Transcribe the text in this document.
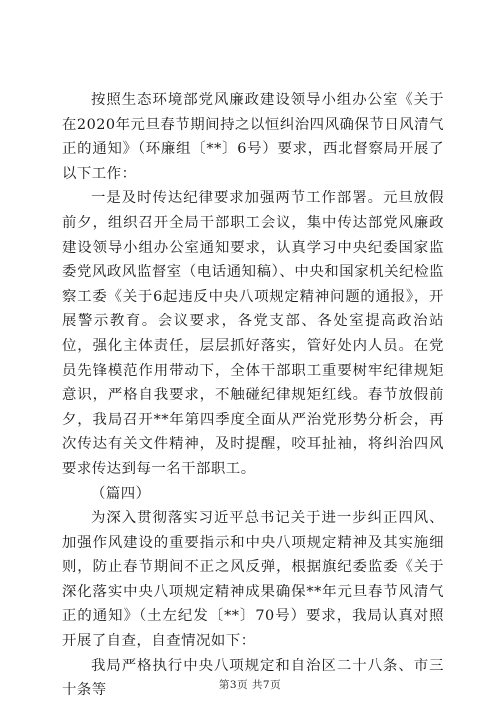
按照生态环境部党风廉政建设领导小组办公室《关于在2020年元旦春节期间持之以恒纠治四风确保节日风清气正的通知》（环廉组〔**〕6号）要求，西北督察局开展了以下工作：

一是及时传达纪律要求加强两节工作部署。元旦放假前夕，组织召开全局干部职工会议，集中传达部党风廉政建设领导小组办公室通知要求，认真学习中央纪委国家监委党风政风监督室（电话通知稿）、中央和国家机关纪检监察工委《关于6起违反中央八项规定精神问题的通报》，开展警示教育。会议要求，各党支部、各处室提高政治站位，强化主体责任，层层抓好落实，管好处内人员。在党员先锋模范作用带动下，全体干部职工重要树牢纪律规矩意识，严格自我要求，不触碰纪律规矩红线。春节放假前夕，我局召开**年第四季度全面从严治党形势分析会，再次传达有关文件精神，及时提醒，咬耳扯袖，将纠治四风要求传达到每一名干部职工。

（篇四）

为深入贯彻落实习近平总书记关于进一步纠正四风、加强作风建设的重要指示和中央八项规定精神及其实施细则，防止春节期间不正之风反弹，根据旗纪委监委《关于深化落实中央八项规定精神成果确保**年元旦春节风清气正的通知》（土左纪发〔**〕70号）要求，我局认真对照开展了自查，自查情况如下：

我局严格执行中央八项规定和自治区二十八条、市三十条等	第3页 共7页
